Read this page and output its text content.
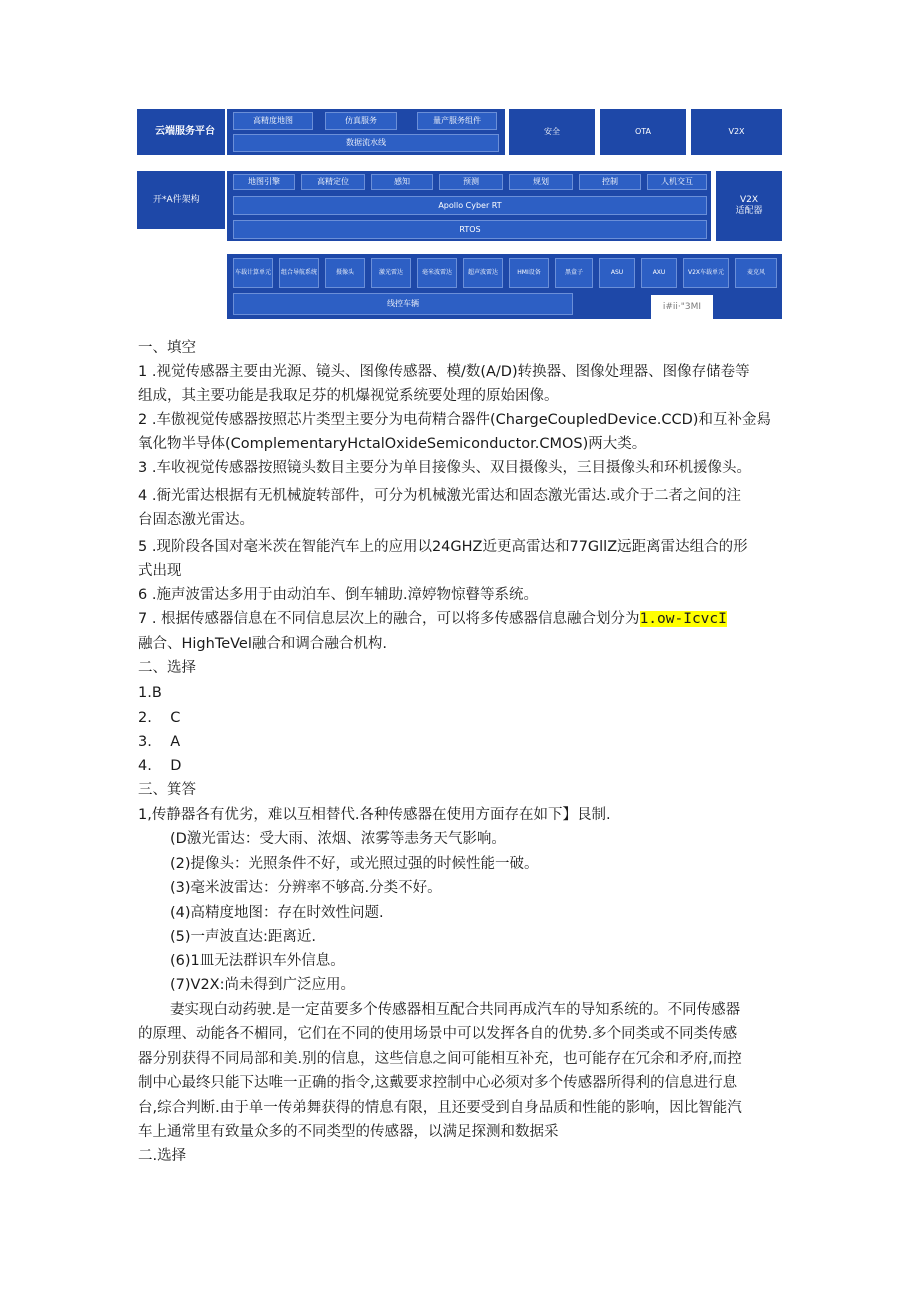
云端服务平台
高精度地图	仿真服务	量产服务组件
数据流水线
安全	OTA	V2X
开*A件架构
地图引擎	高精定位	感知	预测	规划	控制	人机交互
Apollo Cyber RT
RTOS
V2X
适配器
车载计算单元	组合导航系统	摄像头	激光雷达	毫米波雷达	超声波雷达	HMI设备	黑盒子	ASU	AXU	V2X车载单元	麦克风
线控车辆	i#ii·"3MI
一、填空
1 .视觉传感器主要由光源、镜头、图像传感器、模/数(A/D)转换器、图像处理器、图像存储卷等
组成，其主要功能是我取足芬的机爆视觉系统要处理的原始困像。
2 .车傲视觉传感器按照芯片类型主要分为电荷精合器件(ChargeCoupledDevice.CCD)和互补金舄
氧化物半导体(ComplementaryHctalOxideSemiconductor.CMOS)两大类。
3 .车收视觉传感器按照镜头数目主要分为单目接像头、双目摄像头，三目摄像头和环机援像头。
4 .衙光雷达根据有无机械旋转部件，可分为机械激光雷达和固态激光雷达.或介于二者之间的注
台固态激光雷达。
5 .现阶段各国对毫米茨在智能汽车上的应用以24GHZ近更高雷达和77GllZ远距离雷达组合的形
式出现
6 .施声波雷达多用于由动泊车、倒车辅助.漳婷物惊瞽等系统。
7 . 根据传感器信息在不同信息层次上的融合，可以将多传感器信息融合划分为1.ow-IcvcI
融合、HighTeVel融合和调合融合机构.
二、选择
1.B
2.    C
3.    A
4.    D
三、箕答
1,传静器各有优劣，难以互相替代.各种传感器在使用方面存在如下】艮制.
(D激光雷达：受大雨、浓烟、浓雾等恚务天气影响。
(2)提像头：光照条件不好，或光照过强的时候性能一破。
(3)毫米波雷达：分辨率不够高.分类不好。
(4)高精度地图：存在时效性问题.
(5)一声波直达:距离近.
(6)1皿无法群识车外信息。
(7)V2X:尚未得到广泛应用。
妻实现白动药驶.是一定苗要多个传感器相互配合共同再成汽车的导知系统的。不同传感器
的原理、动能各不楣同，它们在不同的使用场景中可以发挥各自的优势.多个同类或不同类传感
器分别获得不同局部和美.别的信息，这些信息之间可能相互补充，也可能存在冗余和矛府,而控
制中心最终只能下达唯一正确的指令,这戴要求控制中心必须对多个传感器所得利的信息进行息
台,综合判断.由于单一传弟舞获得的情息有限，且还要受到自身品质和性能的影响，因比智能汽
车上通常里有致量众多的不同类型的传感器，以满足探测和数据采
二.选择
